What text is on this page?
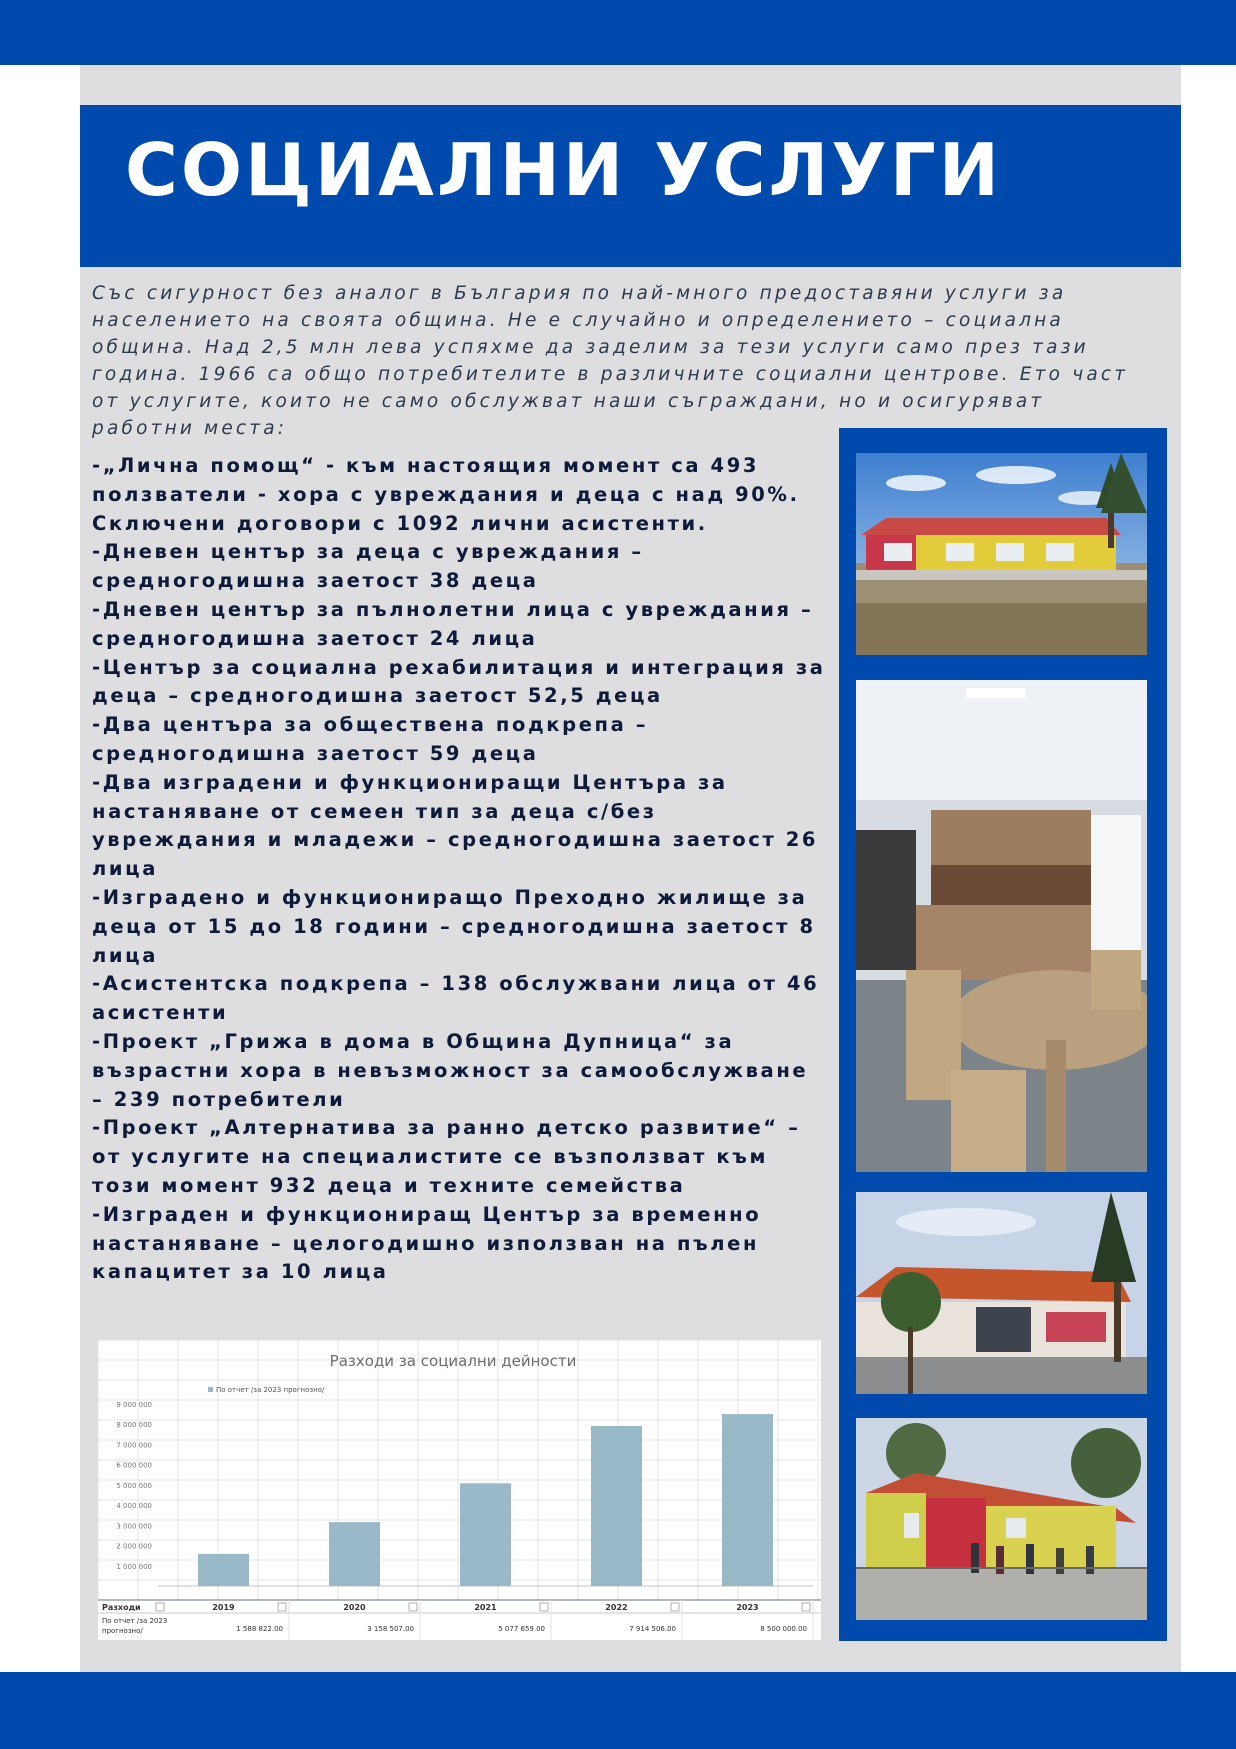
СОЦИАЛНИ УСЛУГИ

Със сигурност без аналог в България по най-много предоставяни услуги за населението на своята община. Не е случайно и определението – социална община. Над 2,5 млн лева успяхме да заделим за тези услуги само през тази година. 1966 са общо потребителите в различните социални центрове. Ето част от услугите, които не само обслужват наши съграждани, но и осигуряват работни места:

-„Лична помощ“ - към настоящия момент са 493 ползватели - хора с увреждания и деца с над 90%. Сключени договори с 1092 лични асистенти.
-Дневен център за деца с увреждания – средногодишна заетост 38 деца
-Дневен център за пълнолетни лица с увреждания – средногодишна заетост 24 лица
-Център за социална рехабилитация и интеграция за деца – средногодишна заетост 52,5 деца
-Два центъра за обществена подкрепа – средногодишна заетост 59 деца
-Два изградени и функциониращи Центъра за настаняване от семеен тип за деца с/без увреждания и младежи – средногодишна заетост 26 лица
-Изградено и функциониращо Преходно жилище за деца от 15 до 18 години – средногодишна заетост 8 лица
-Асистентска подкрепа – 138 обслужвани лица от 46 асистенти
-Проект „Грижа в дома в Община Дупница“ за възрастни хора в невъзможност за самообслужване – 239 потребители
-Проект „Алтернатива за ранно детско развитие“ – от услугите на специалистите се възползват към този момент 932 деца и техните семейства
-Изграден и функциониращ Център за временно настаняване – целогодишно използван на пълен капацитет за 10 лица
Разходи за социални дейности
По отчет /за 2023 прогнозно/
1 000 000
2 000 000
3 000 000
4 000 000
5 000 000
6 000 000
7 000 000
8 000 000
9 000 000
Разходи
По отчет /за 2023
прогнозно/
2019
1 588 822.00
2020
3 158 507.00
2021
5 077 659.00
2022
7 914 506.00
2023
8 500 000.00
